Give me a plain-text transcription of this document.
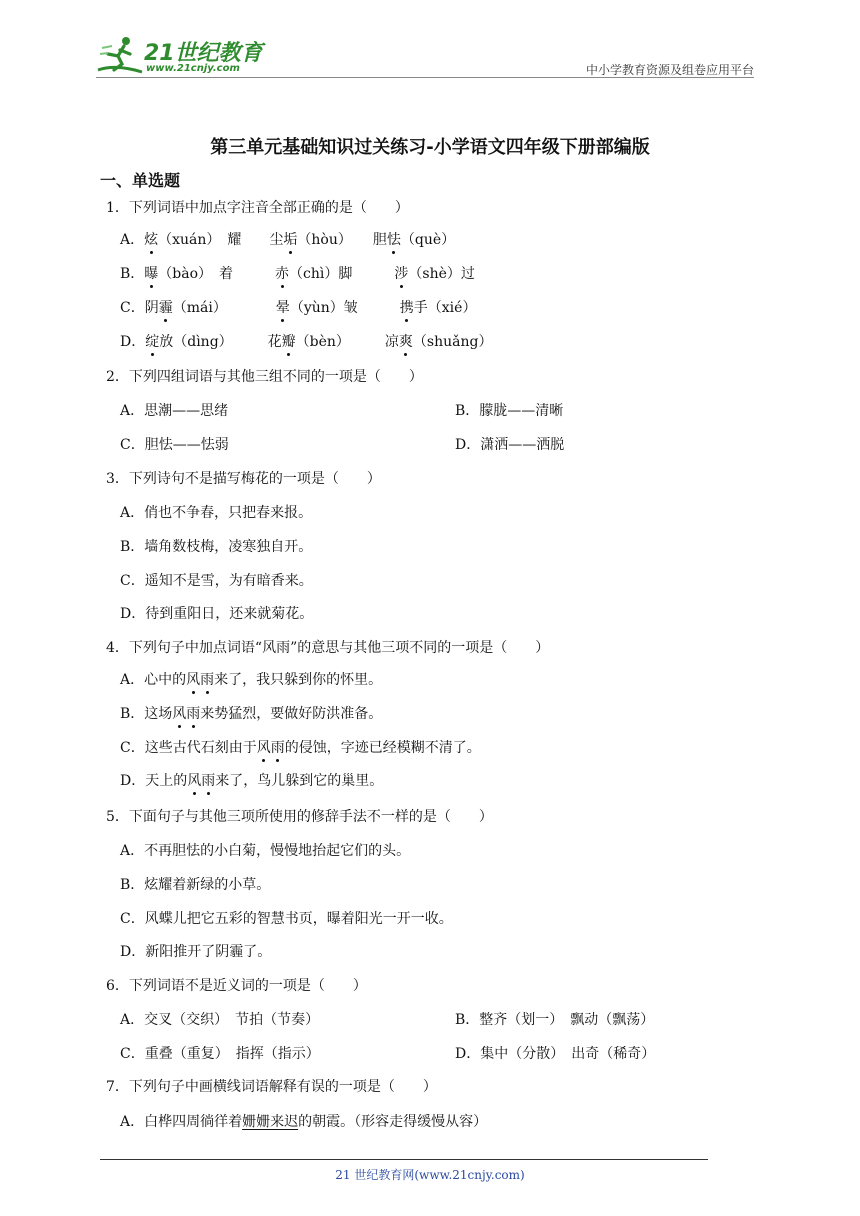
21世纪教育
www.21cnjy.com	中小学教育资源及组卷应用平台
第三单元基础知识过关练习-小学语文四年级下册部编版
一、单选题
1．下列词语中加点字注音全部正确的是（　　）
A．炫（xuán）　耀　　尘垢（hòu）　　胆怯（què）
B．曝（bào）　着　　　赤（chì）脚　　　涉（shè）过
C．阴霾（mái）　　　　晕（yùn）皱　　　携手（xié）
D．绽放（dìng）　　　花瓣（bèn）　　　凉爽（shuǎng）
2．下列四组词语与其他三组不同的一项是（　　）
A．思潮——思绪	B．朦胧——清晰
C．胆怯——怯弱	D．潇洒——洒脱
3．下列诗句不是描写梅花的一项是（　　）
A．俏也不争春，只把春来报。
B．墙角数枝梅，凌寒独自开。
C．遥知不是雪，为有暗香来。
D．待到重阳日，还来就菊花。
4．下列句子中加点词语“风雨”的意思与其他三项不同的一项是（　　）
A．心中的风雨来了，我只躲到你的怀里。
B．这场风雨来势猛烈，要做好防洪准备。
C．这些古代石刻由于风雨的侵蚀，字迹已经模糊不清了。
D．天上的风雨来了，鸟儿躲到它的巢里。
5．下面句子与其他三项所使用的修辞手法不一样的是（　　）
A．不再胆怯的小白菊，慢慢地抬起它们的头。
B．炫耀着新绿的小草。
C．风蝶儿把它五彩的智慧书页，曝着阳光一开一收。
D．新阳推开了阴霾了。
6．下列词语不是近义词的一项是（　　）
A．交叉（交织）　节拍（节奏）	B．整齐（划一）　飘动（飘荡）
C．重叠（重复）　指挥（指示）	D．集中（分散）　出奇（稀奇）
7．下列句子中画横线词语解释有误的一项是（　　）
A．白桦四周徜徉着姗姗来迟的朝霞。（形容走得缓慢从容）
21 世纪教育网(www.21cnjy.com)
